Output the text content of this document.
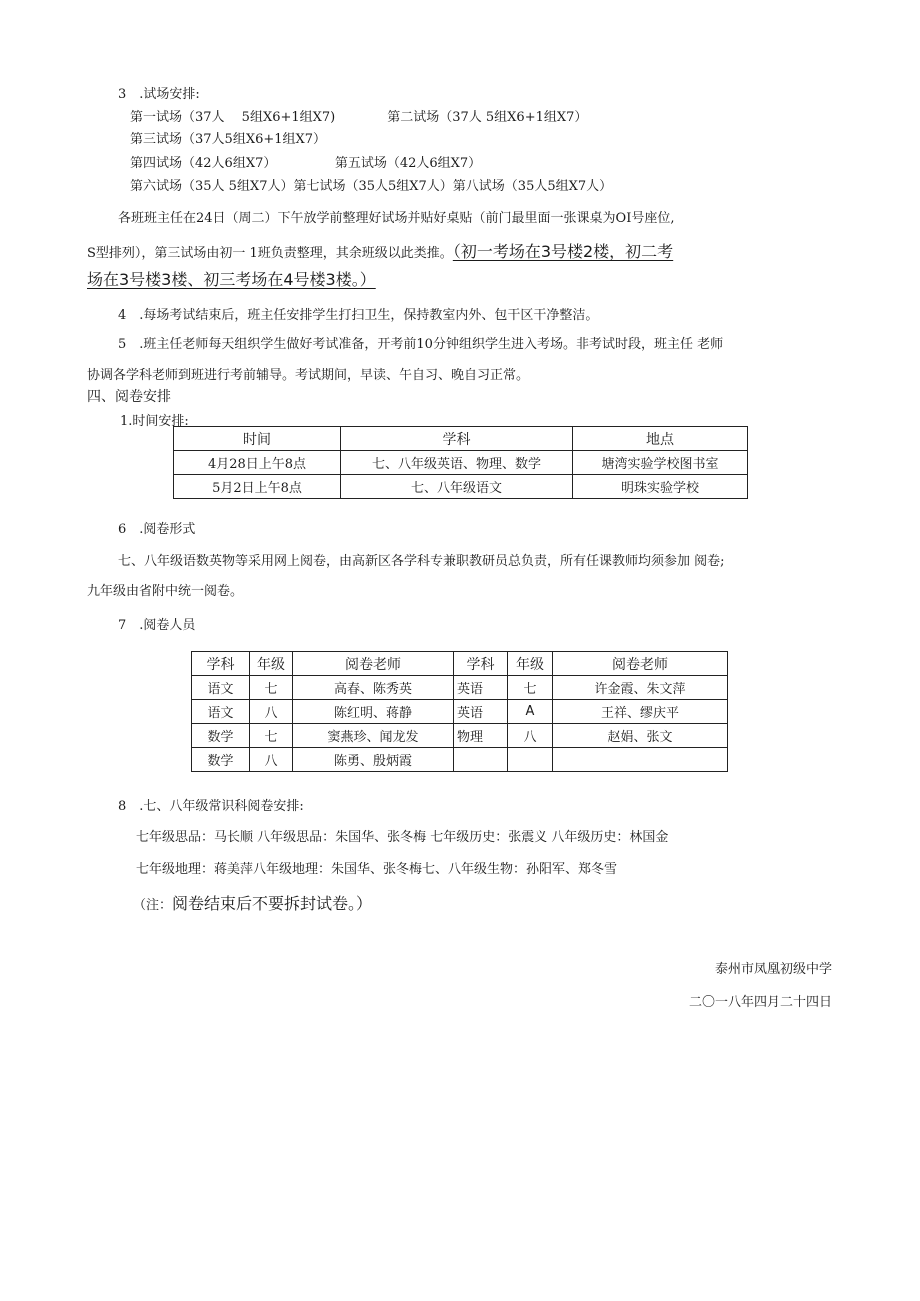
3　.试场安排:
第一试场（37人　 5组X6+1组X7)　　　　第二试场（37人 5组X6+1组X7）
第三试场（37人5组X6+1组X7）
第四试场（42人6组X7）　　　　　第五试场（42人6组X7）
第六试场（35人 5组X7人）第七试场（35人5组X7人）第八试场（35人5组X7人）
各班班主任在24日（周二）下午放学前整理好试场并贴好桌贴（前门最里面一张课桌为OI号座位,
S型排列），第三试场由初一 1班负责整理，其余班级以此类推。（初一考场在3号楼2楼，初二考
场在3号楼3楼、初三考场在4号楼3楼。）
4　.每场考试结束后，班主任安排学生打扫卫生，保持教室内外、包干区干净整洁。
5　.班主任老师每天组织学生做好考试准备，开考前10分钟组织学生进入考场。非考试时段，班主任 老师
协调各学科老师到班进行考前辅导。考试期间，早读、午自习、晚自习正常。
四、阅卷安排
1.时间安排:
时间	学科	地点
4月28日上午8点	七、八年级英语、物理、数学	塘湾实验学校图书室
5月2日上午8点	七、八年级语文	明珠实验学校
6　.阅卷形式
七、八年级语数英物等采用网上阅卷，由高新区各学科专兼职教研员总负责，所有任课教师均须参加 阅卷;
九年级由省附中统一阅卷。
7　.阅卷人员
学科	年级	阅卷老师	学科	年级	阅卷老师
语文	七	高春、陈秀英	英语	七	许金霞、朱文萍
语文	八	陈红明、蒋静	英语	A	王祥、缪庆平
数学	七	窦燕珍、闻龙发	物理	八	赵娟、张文
数学	八	陈勇、殷炳霞			
8　.七、八年级常识科阅卷安排:
七年级思品：马长顺 八年级思品：朱国华、张冬梅 七年级历史：张震义 八年级历史：林国金
七年级地理：蒋美萍八年级地理：朱国华、张冬梅七、八年级生物：孙阳军、郑冬雪
（注：阅卷结束后不要拆封试卷。）
泰州市凤凰初级中学
二〇一八年四月二十四日
